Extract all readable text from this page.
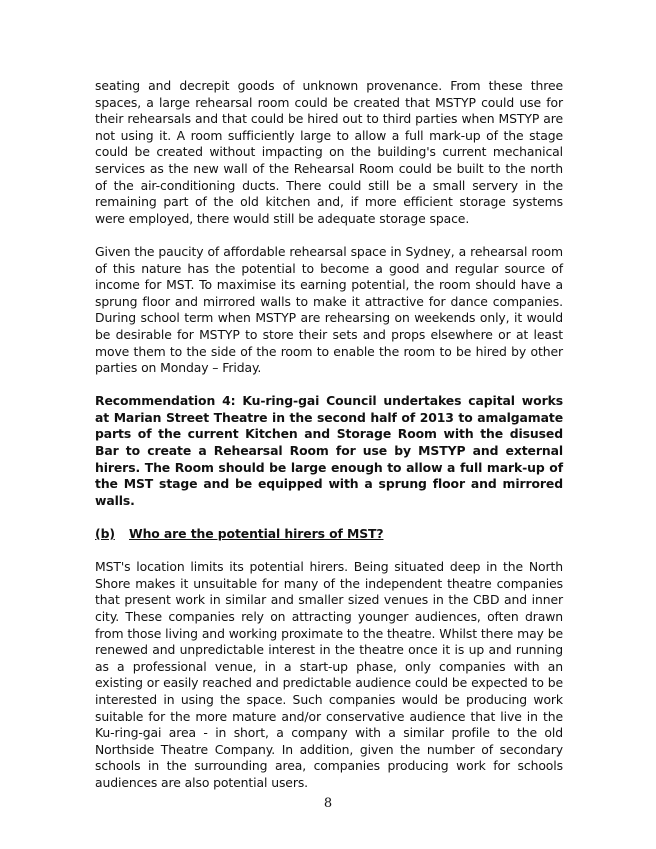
seating and decrepit goods of unknown provenance. From these three spaces, a large rehearsal room could be created that MSTYP could use for their rehearsals and that could be hired out to third parties when MSTYP are not using it. A room sufficiently large to allow a full mark-up of the stage could be created without impacting on the building's current mechanical services as the new wall of the Rehearsal Room could be built to the north of the air-conditioning ducts. There could still be a small servery in the remaining part of the old kitchen and, if more efficient storage systems were employed, there would still be adequate storage space.

Given the paucity of affordable rehearsal space in Sydney, a rehearsal room of this nature has the potential to become a good and regular source of income for MST. To maximise its earning potential, the room should have a sprung floor and mirrored walls to make it attractive for dance companies. During school term when MSTYP are rehearsing on weekends only, it would be desirable for MSTYP to store their sets and props elsewhere or at least move them to the side of the room to enable the room to be hired by other parties on Monday – Friday.

Recommendation 4: Ku-ring-gai Council undertakes capital works at Marian Street Theatre in the second half of 2013 to amalgamate parts of the current Kitchen and Storage Room with the disused Bar to create a Rehearsal Room for use by MSTYP and external hirers. The Room should be large enough to allow a full mark-up of the MST stage and be equipped with a sprung floor and mirrored walls.

(b) Who are the potential hirers of MST?

MST's location limits its potential hirers. Being situated deep in the North Shore makes it unsuitable for many of the independent theatre companies that present work in similar and smaller sized venues in the CBD and inner city. These companies rely on attracting younger audiences, often drawn from those living and working proximate to the theatre. Whilst there may be renewed and unpredictable interest in the theatre once it is up and running as a professional venue, in a start-up phase, only companies with an existing or easily reached and predictable audience could be expected to be interested in using the space. Such companies would be producing work suitable for the more mature and/or conservative audience that live in the Ku-ring-gai area - in short, a company with a similar profile to the old Northside Theatre Company. In addition, given the number of secondary schools in the surrounding area, companies producing work for schools audiences are also potential users.

8
